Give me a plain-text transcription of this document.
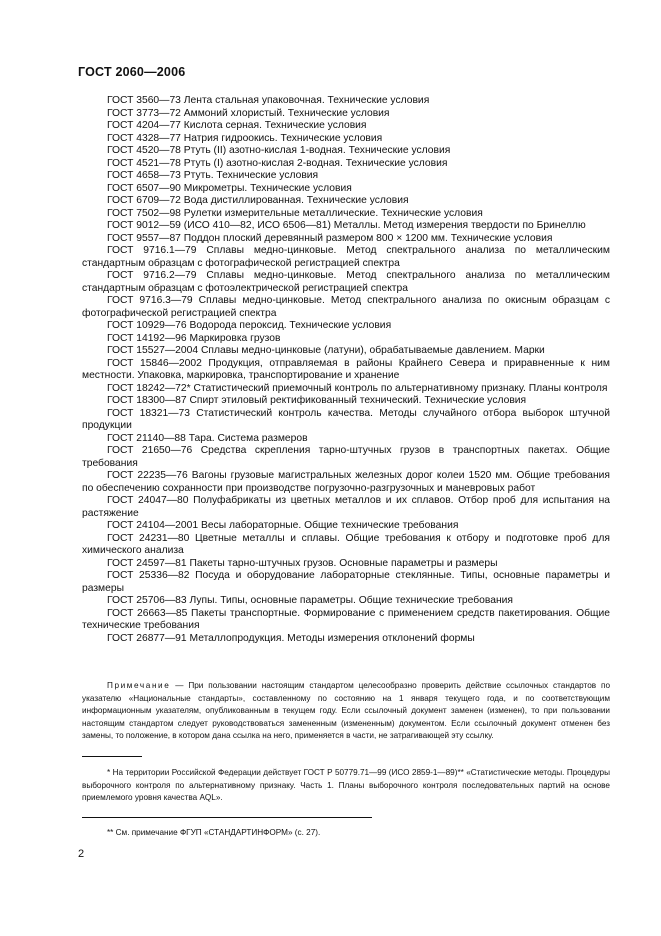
ГОСТ 2060—2006

ГОСТ 3560—73 Лента стальная упаковочная. Технические условия

ГОСТ 3773—72 Аммоний хлористый. Технические условия

ГОСТ 4204—77 Кислота серная. Технические условия

ГОСТ 4328—77 Натрия гидроокись. Технические условия

ГОСТ 4520—78 Ртуть (II) азотно-кислая 1-водная. Технические условия

ГОСТ 4521—78 Ртуть (I) азотно-кислая 2-водная. Технические условия

ГОСТ 4658—73 Ртуть. Технические условия

ГОСТ 6507—90 Микрометры. Технические условия

ГОСТ 6709—72 Вода дистиллированная. Технические условия

ГОСТ 7502—98 Рулетки измерительные металлические. Технические условия

ГОСТ 9012—59 (ИСО 410—82, ИСО 6506—81) Металлы. Метод измерения твердости по Бринеллю

ГОСТ 9557—87 Поддон плоский деревянный размером 800 × 1200 мм. Технические условия

ГОСТ 9716.1—79 Сплавы медно-цинковые. Метод спектрального анализа по металлическим стандартным образцам с фотографической регистрацией спектра

ГОСТ 9716.2—79 Сплавы медно-цинковые. Метод спектрального анализа по металлическим стандартным образцам с фотоэлектрической регистрацией спектра

ГОСТ 9716.3—79 Сплавы медно-цинковые. Метод спектрального анализа по окисным образцам с фотографической регистрацией спектра

ГОСТ 10929—76 Водорода пероксид. Технические условия

ГОСТ 14192—96 Маркировка грузов

ГОСТ 15527—2004 Сплавы медно-цинковые (латуни), обрабатываемые давлением. Марки

ГОСТ 15846—2002 Продукция, отправляемая в районы Крайнего Севера и приравненные к ним местности. Упаковка, маркировка, транспортирование и хранение

ГОСТ 18242—72* Статистический приемочный контроль по альтернативному признаку. Планы контроля

ГОСТ 18300—87 Спирт этиловый ректификованный технический. Технические условия

ГОСТ 18321—73 Статистический контроль качества. Методы случайного отбора выборок штучной продукции

ГОСТ 21140—88 Тара. Система размеров

ГОСТ 21650—76 Средства скрепления тарно-штучных грузов в транспортных пакетах. Общие требования

ГОСТ 22235—76 Вагоны грузовые магистральных железных дорог колеи 1520 мм. Общие требования по обеспечению сохранности при производстве погрузочно-разгрузочных и маневровых работ

ГОСТ 24047—80 Полуфабрикаты из цветных металлов и их сплавов. Отбор проб для испытания на растяжение

ГОСТ 24104—2001 Весы лабораторные. Общие технические требования

ГОСТ 24231—80 Цветные металлы и сплавы. Общие требования к отбору и подготовке проб для химического анализа

ГОСТ 24597—81 Пакеты тарно-штучных грузов. Основные параметры и размеры

ГОСТ 25336—82 Посуда и оборудование лабораторные стеклянные. Типы, основные параметры и размеры

ГОСТ 25706—83 Лупы. Типы, основные параметры. Общие технические требования

ГОСТ 26663—85 Пакеты транспортные. Формирование с применением средств пакетирования. Общие технические требования

ГОСТ 26877—91 Металлопродукция. Методы измерения отклонений формы

Примечание — При пользовании настоящим стандартом целесообразно проверить действие ссылочных стандартов по указателю «Национальные стандарты», составленному по состоянию на 1 января текущего года, и по соответствующим информационным указателям, опубликованным в текущем году. Если ссылочный документ заменен (изменен), то при пользовании настоящим стандартом следует руководствоваться замененным (измененным) документом. Если ссылочный документ отменен без замены, то положение, в котором дана ссылка на него, применяется в части, не затрагивающей эту ссылку.
* На территории Российской Федерации действует ГОСТ Р 50779.71—99 (ИСО 2859-1—89)** «Статистические методы. Процедуры выборочного контроля по альтернативному признаку. Часть 1. Планы выборочного контроля последовательных партий на основе приемлемого уровня качества AQL».
** См. примечание ФГУП «СТАНДАРТИНФОРМ» (с. 27).
2
